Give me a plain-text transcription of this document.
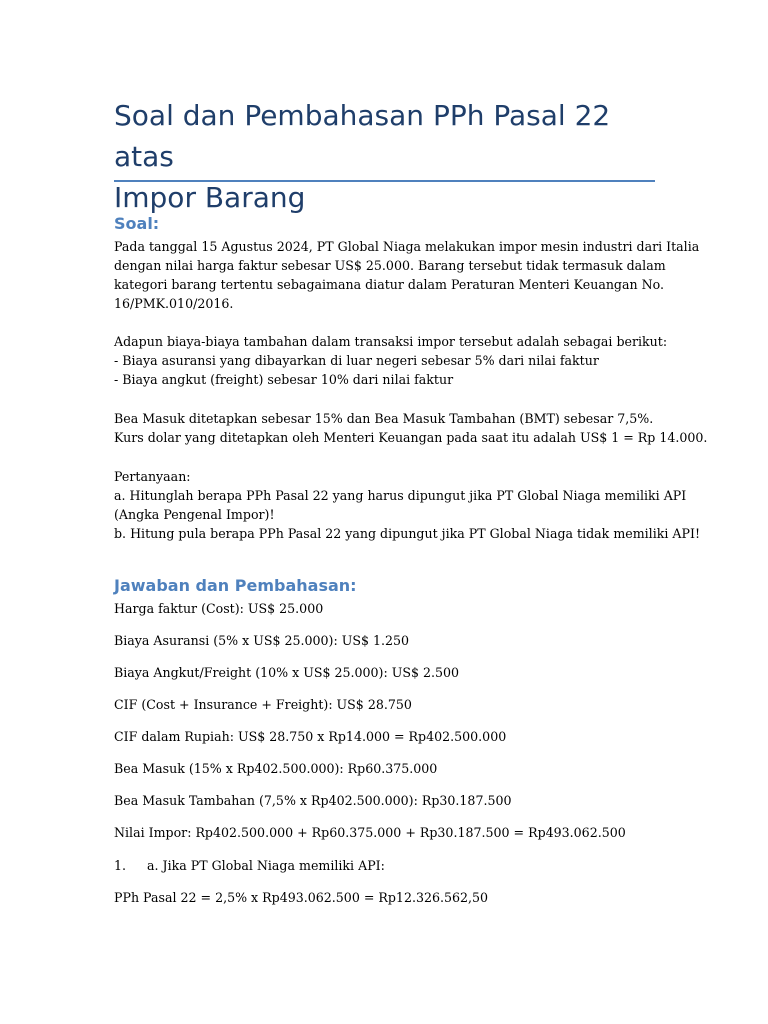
Soal dan Pembahasan PPh Pasal 22 atas
Impor Barang
Soal:

Pada tanggal 15 Agustus 2024, PT Global Niaga melakukan impor mesin industri dari Italia
dengan nilai harga faktur sebesar US$ 25.000. Barang tersebut tidak termasuk dalam
kategori barang tertentu sebagaimana diatur dalam Peraturan Menteri Keuangan No.
16/PMK.010/2016.

Adapun biaya-biaya tambahan dalam transaksi impor tersebut adalah sebagai berikut:
- Biaya asuransi yang dibayarkan di luar negeri sebesar 5% dari nilai faktur
- Biaya angkut (freight) sebesar 10% dari nilai faktur

Bea Masuk ditetapkan sebesar 15% dan Bea Masuk Tambahan (BMT) sebesar 7,5%.
Kurs dolar yang ditetapkan oleh Menteri Keuangan pada saat itu adalah US$ 1 = Rp 14.000.

Pertanyaan:
a. Hitunglah berapa PPh Pasal 22 yang harus dipungut jika PT Global Niaga memiliki API
(Angka Pengenal Impor)!
b. Hitung pula berapa PPh Pasal 22 yang dipungut jika PT Global Niaga tidak memiliki API!

Jawaban dan Pembahasan:

Harga faktur (Cost): US$ 25.000

Biaya Asuransi (5% x US$ 25.000): US$ 1.250

Biaya Angkut/Freight (10% x US$ 25.000): US$ 2.500

CIF (Cost + Insurance + Freight): US$ 28.750

CIF dalam Rupiah: US$ 28.750 x Rp14.000 = Rp402.500.000

Bea Masuk (15% x Rp402.500.000): Rp60.375.000

Bea Masuk Tambahan (7,5% x Rp402.500.000): Rp30.187.500

Nilai Impor: Rp402.500.000 + Rp60.375.000 + Rp30.187.500 = Rp493.062.500

1. a. Jika PT Global Niaga memiliki API:

PPh Pasal 22 = 2,5% x Rp493.062.500 = Rp12.326.562,50
